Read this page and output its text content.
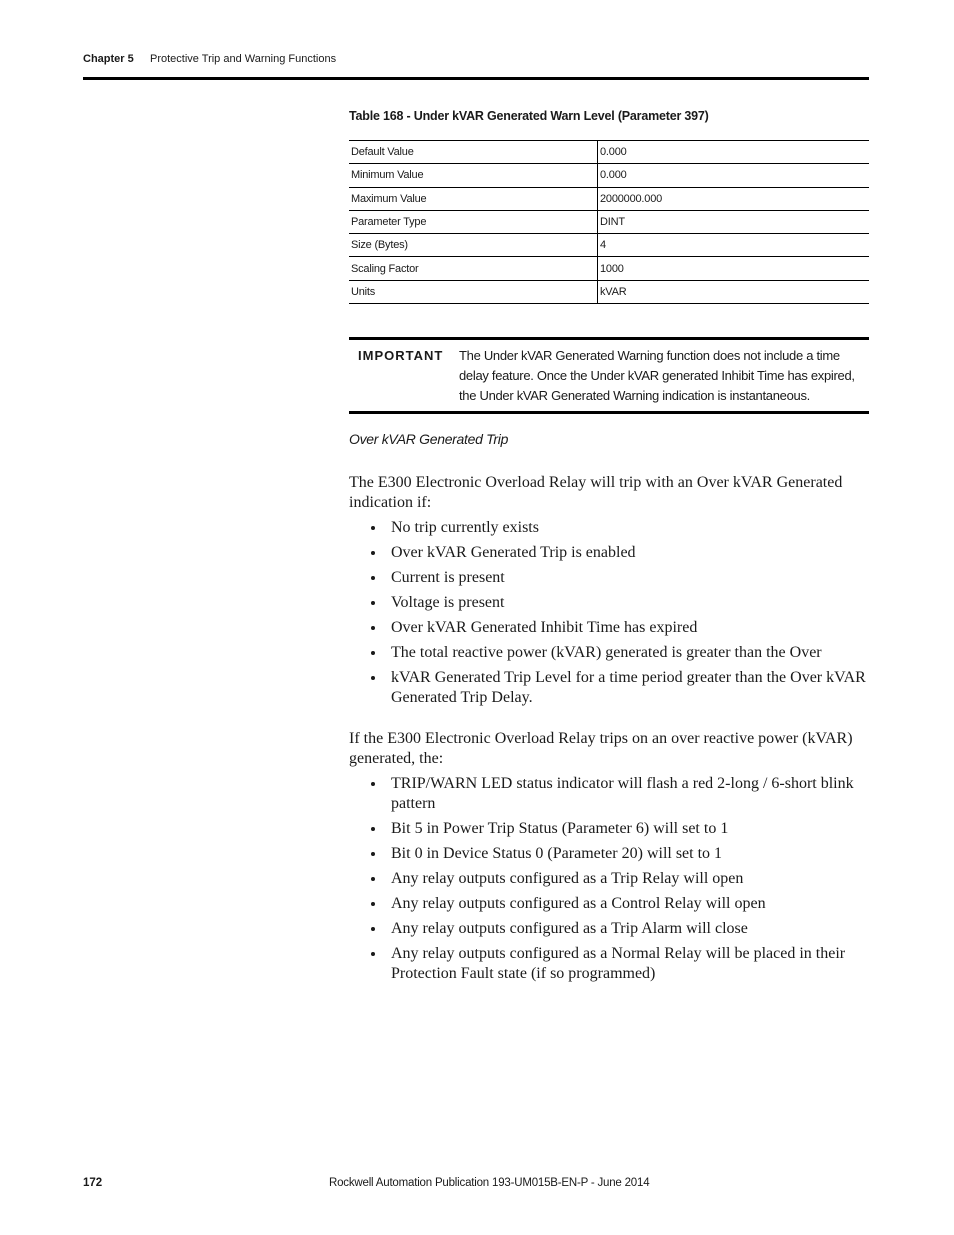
Chapter 5 Protective Trip and Warning Functions
Table 168 - Under kVAR Generated Warn Level (Parameter 397)
Default Value	0.000
Minimum Value	0.000
Maximum Value	2000000.000
Parameter Type	DINT
Size (Bytes)	4
Scaling Factor	1000
Units	kVAR
IMPORTANT The Under kVAR Generated Warning function does not include a time delay feature. Once the Under kVAR generated Inhibit Time has expired, the Under kVAR Generated Warning indication is instantaneous.
Over kVAR Generated Trip

The E300 Electronic Overload Relay will trip with an Over kVAR Generated indication if:

No trip currently exists
Over kVAR Generated Trip is enabled
Current is present
Voltage is present
Over kVAR Generated Inhibit Time has expired
The total reactive power (kVAR) generated is greater than the Over
kVAR Generated Trip Level for a time period greater than the Over kVAR Generated Trip Delay.

If the E300 Electronic Overload Relay trips on an over reactive power (kVAR) generated, the:

TRIP/WARN LED status indicator will flash a red 2-long / 6-short blink pattern
Bit 5 in Power Trip Status (Parameter 6) will set to 1
Bit 0 in Device Status 0 (Parameter 20) will set to 1
Any relay outputs configured as a Trip Relay will open
Any relay outputs configured as a Control Relay will open
Any relay outputs configured as a Trip Alarm will close
Any relay outputs configured as a Normal Relay will be placed in their Protection Fault state (if so programmed)
172	Rockwell Automation Publication 193-UM015B-EN-P - June 2014
